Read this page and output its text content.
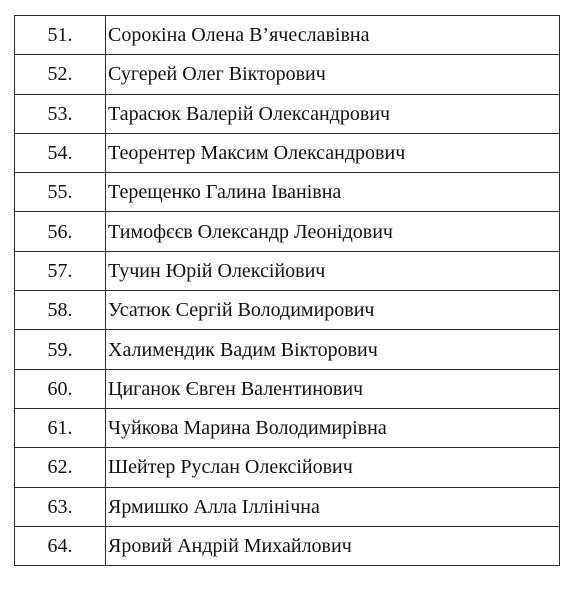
51.	Сорокіна Олена В’ячеславівна
52.	Сугерей Олег Вікторович
53.	Тарасюк Валерій Олександрович
54.	Теорентер Максим Олександрович
55.	Терещенко Галина Іванівна
56.	Тимофєєв Олександр Леонідович
57.	Тучин Юрій Олексійович
58.	Усатюк Сергій Володимирович
59.	Халимендик Вадим Вікторович
60.	Циганок Євген Валентинович
61.	Чуйкова Марина Володимирівна
62.	Шейтер Руслан Олексійович
63.	Ярмишко Алла Іллінічна
64.	Яровий Андрій Михайлович
